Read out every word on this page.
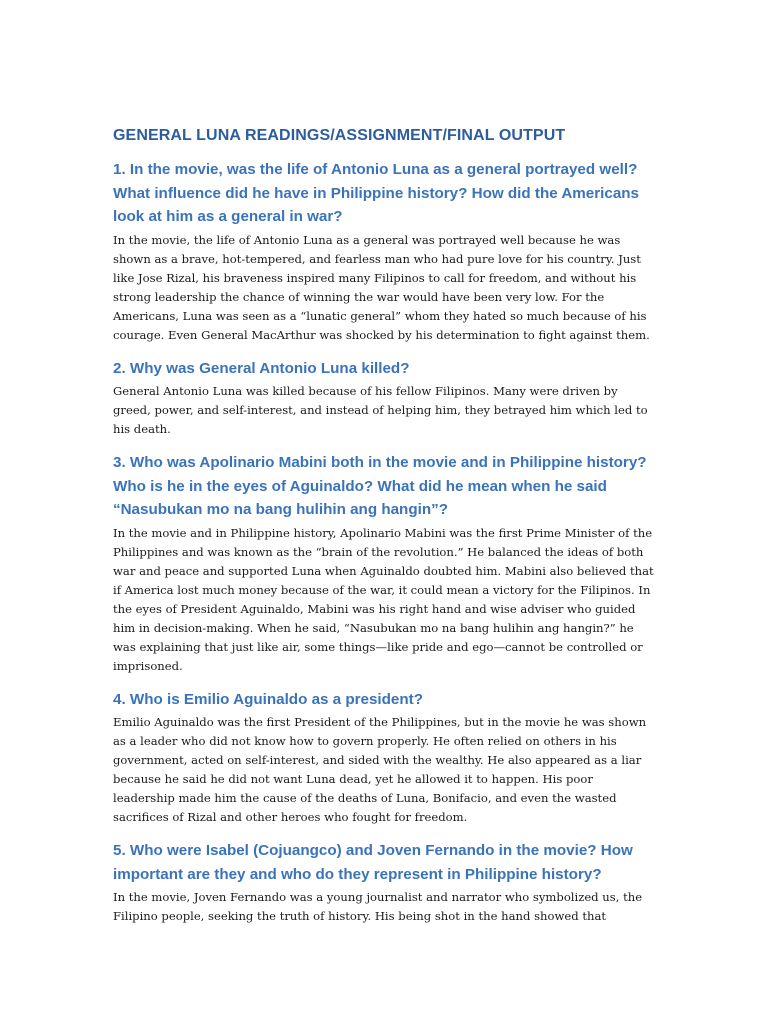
GENERAL LUNA READINGS/ASSIGNMENT/FINAL OUTPUT
1. In the movie, was the life of Antonio Luna as a general portrayed well? What influence did he have in Philippine history? How did the Americans look at him as a general in war?

In the movie, the life of Antonio Luna as a general was portrayed well because he was shown as a brave, hot-tempered, and fearless man who had pure love for his country. Just like Jose Rizal, his braveness inspired many Filipinos to call for freedom, and without his strong leadership the chance of winning the war would have been very low. For the Americans, Luna was seen as a “lunatic general” whom they hated so much because of his courage. Even General MacArthur was shocked by his determination to fight against them.

2. Why was General Antonio Luna killed?

General Antonio Luna was killed because of his fellow Filipinos. Many were driven by greed, power, and self-interest, and instead of helping him, they betrayed him which led to his death.

3. Who was Apolinario Mabini both in the movie and in Philippine history? Who is he in the eyes of Aguinaldo? What did he mean when he said “Nasubukan mo na bang hulihin ang hangin”?

In the movie and in Philippine history, Apolinario Mabini was the first Prime Minister of the Philippines and was known as the “brain of the revolution.” He balanced the ideas of both war and peace and supported Luna when Aguinaldo doubted him. Mabini also believed that if America lost much money because of the war, it could mean a victory for the Filipinos. In the eyes of President Aguinaldo, Mabini was his right hand and wise adviser who guided him in decision-making. When he said, “Nasubukan mo na bang hulihin ang hangin?” he was explaining that just like air, some things—like pride and ego—cannot be controlled or imprisoned.

4. Who is Emilio Aguinaldo as a president?

Emilio Aguinaldo was the first President of the Philippines, but in the movie he was shown as a leader who did not know how to govern properly. He often relied on others in his government, acted on self-interest, and sided with the wealthy. He also appeared as a liar because he said he did not want Luna dead, yet he allowed it to happen. His poor leadership made him the cause of the deaths of Luna, Bonifacio, and even the wasted sacrifices of Rizal and other heroes who fought for freedom.

5. Who were Isabel (Cojuangco) and Joven Fernando in the movie? How important are they and who do they represent in Philippine history?

In the movie, Joven Fernando was a young journalist and narrator who symbolized us, the Filipino people, seeking the truth of history. His being shot in the hand showed that
